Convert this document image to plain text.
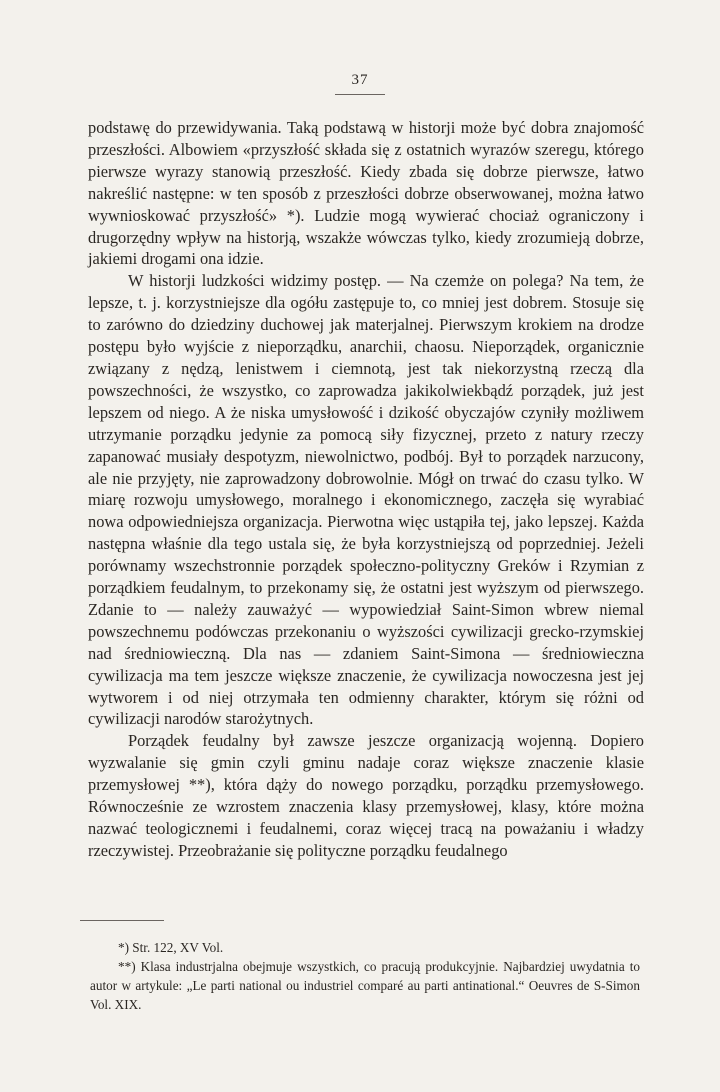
37

podstawę do przewidywania. Taką podstawą w historji może być dobra znajomość przeszłości. Albowiem «przyszłość składa się z ostatnich wyrazów szeregu, którego pierwsze wyrazy stanowią przeszłość. Kiedy zbada się dobrze pierwsze, łatwo nakreślić następne: w ten sposób z przeszłości dobrze obserwowanej, można łatwo wywnioskować przyszłość» *). Ludzie mogą wywierać chociaż ograniczony i drugorzędny wpływ na historją, wszakże wówczas tylko, kiedy zrozumieją dobrze, jakiemi drogami ona idzie.

W historji ludzkości widzimy postęp. — Na czemże on polega? Na tem, że lepsze, t. j. korzystniejsze dla ogółu zastępuje to, co mniej jest dobrem. Stosuje się to zarówno do dziedziny duchowej jak materjalnej. Pierwszym krokiem na drodze postępu było wyjście z nieporządku, anarchii, chaosu. Nieporządek, organicznie związany z nędzą, lenistwem i ciemnotą, jest tak niekorzystną rzeczą dla powszechności, że wszystko, co zaprowadza jakikolwiekbądź porządek, już jest lepszem od niego. A że niska umysłowość i dzikość obyczajów czyniły możliwem utrzymanie porządku jedynie za pomocą siły fizycznej, przeto z natury rzeczy zapanować musiały despotyzm, niewolnictwo, podbój. Był to porządek narzucony, ale nie przyjęty, nie zaprowadzony dobrowolnie. Mógł on trwać do czasu tylko. W miarę rozwoju umysłowego, moralnego i ekonomicznego, zaczęła się wyrabiać nowa odpowiedniejsza organizacja. Pierwotna więc ustąpiła tej, jako lepszej. Każda następna właśnie dla tego ustala się, że była korzystniejszą od poprzedniej. Jeżeli porównamy wszechstronnie porządek społeczno-polityczny Greków i Rzymian z porządkiem feudalnym, to przekonamy się, że ostatni jest wyższym od pierwszego. Zdanie to — należy zauważyć — wypowiedział Saint-Simon wbrew niemal powszechnemu podówczas przekonaniu o wyższości cywilizacji grecko-rzymskiej nad średniowieczną. Dla nas — zdaniem Saint-Simona — średniowieczna cywilizacja ma tem jeszcze większe znaczenie, że cywilizacja nowoczesna jest jej wytworem i od niej otrzymała ten odmienny charakter, którym się różni od cywilizacji narodów starożytnych.

Porządek feudalny był zawsze jeszcze organizacją wojenną. Dopiero wyzwalanie się gmin czyli gminu nadaje coraz większe znaczenie klasie przemysłowej **), która dąży do nowego porządku, porządku przemysłowego. Równocześnie ze wzrostem znaczenia klasy przemysłowej, klasy, które można nazwać teologicznemi i feudalnemi, coraz więcej tracą na poważaniu i władzy rzeczywistej. Przeobrażanie się polityczne porządku feudalnego

*) Str. 122, XV Vol.

**) Klasa industrjalna obejmuje wszystkich, co pracują produkcyjnie. Najbardziej uwydatnia to autor w artykule: „Le parti national ou industriel comparé au parti antinational.“ Oeuvres de S-Simon Vol. XIX.
